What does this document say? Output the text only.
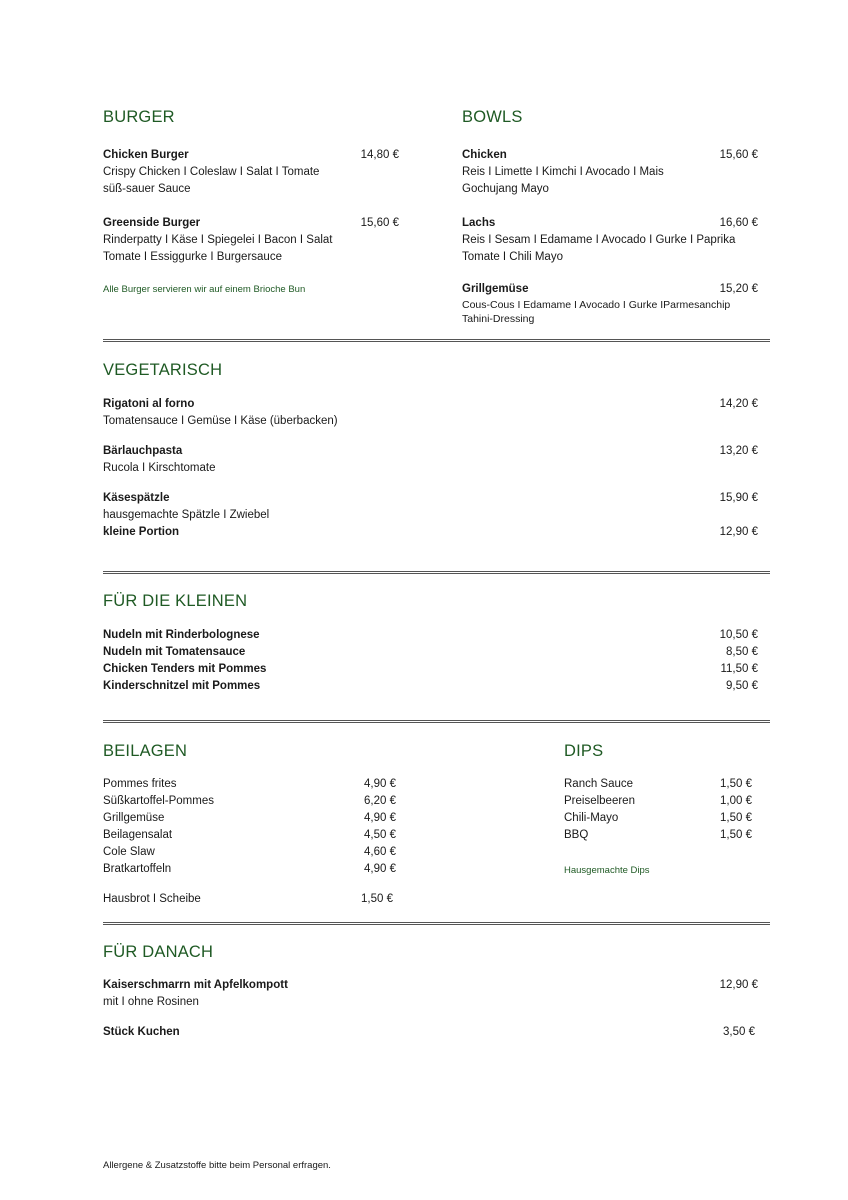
BURGER
Chicken Burger	14,80 €
Crispy Chicken I Coleslaw I Salat I Tomate
süß-sauer Sauce
Greenside Burger	15,60 €
Rinderpatty I Käse I Spiegelei I Bacon I Salat
Tomate I Essiggurke I Burgersauce
Alle Burger servieren wir auf einem Brioche Bun
BOWLS
Chicken	15,60 €
Reis I Limette I Kimchi I Avocado I Mais
Gochujang Mayo
Lachs	16,60 €
Reis I Sesam I Edamame I Avocado I Gurke I Paprika
Tomate I Chili Mayo
Grillgemüse	15,20 €
Cous-Cous I Edamame I Avocado I Gurke IParmesanchip
Tahini-Dressing
VEGETARISCH
Rigatoni al forno	14,20 €
Tomatensauce I Gemüse I Käse (überbacken)
Bärlauchpasta	13,20 €
Rucola I Kirschtomate
Käsespätzle	15,90 €
hausgemachte Spätzle I Zwiebel
kleine Portion	12,90 €
FÜR DIE KLEINEN
Nudeln mit Rinderbolognese	10,50 €
Nudeln mit Tomatensauce	8,50 €
Chicken Tenders mit Pommes	11,50 €
Kinderschnitzel mit Pommes	9,50 €
BEILAGEN
Pommes frites	4,90 €
Süßkartoffel-Pommes	6,20 €
Grillgemüse	4,90 €
Beilagensalat	4,50 €
Cole Slaw	4,60 €
Bratkartoffeln	4,90 €
Hausbrot I Scheibe	1,50 €
DIPS
Ranch Sauce	1,50 €
Preiselbeeren	1,00 €
Chili-Mayo	1,50 €
BBQ	1,50 €
Hausgemachte Dips
FÜR DANACH
Kaiserschmarrn mit Apfelkompott	12,90 €
mit I ohne Rosinen
Stück Kuchen	3,50 €
Allergene & Zusatzstoffe bitte beim Personal erfragen.
